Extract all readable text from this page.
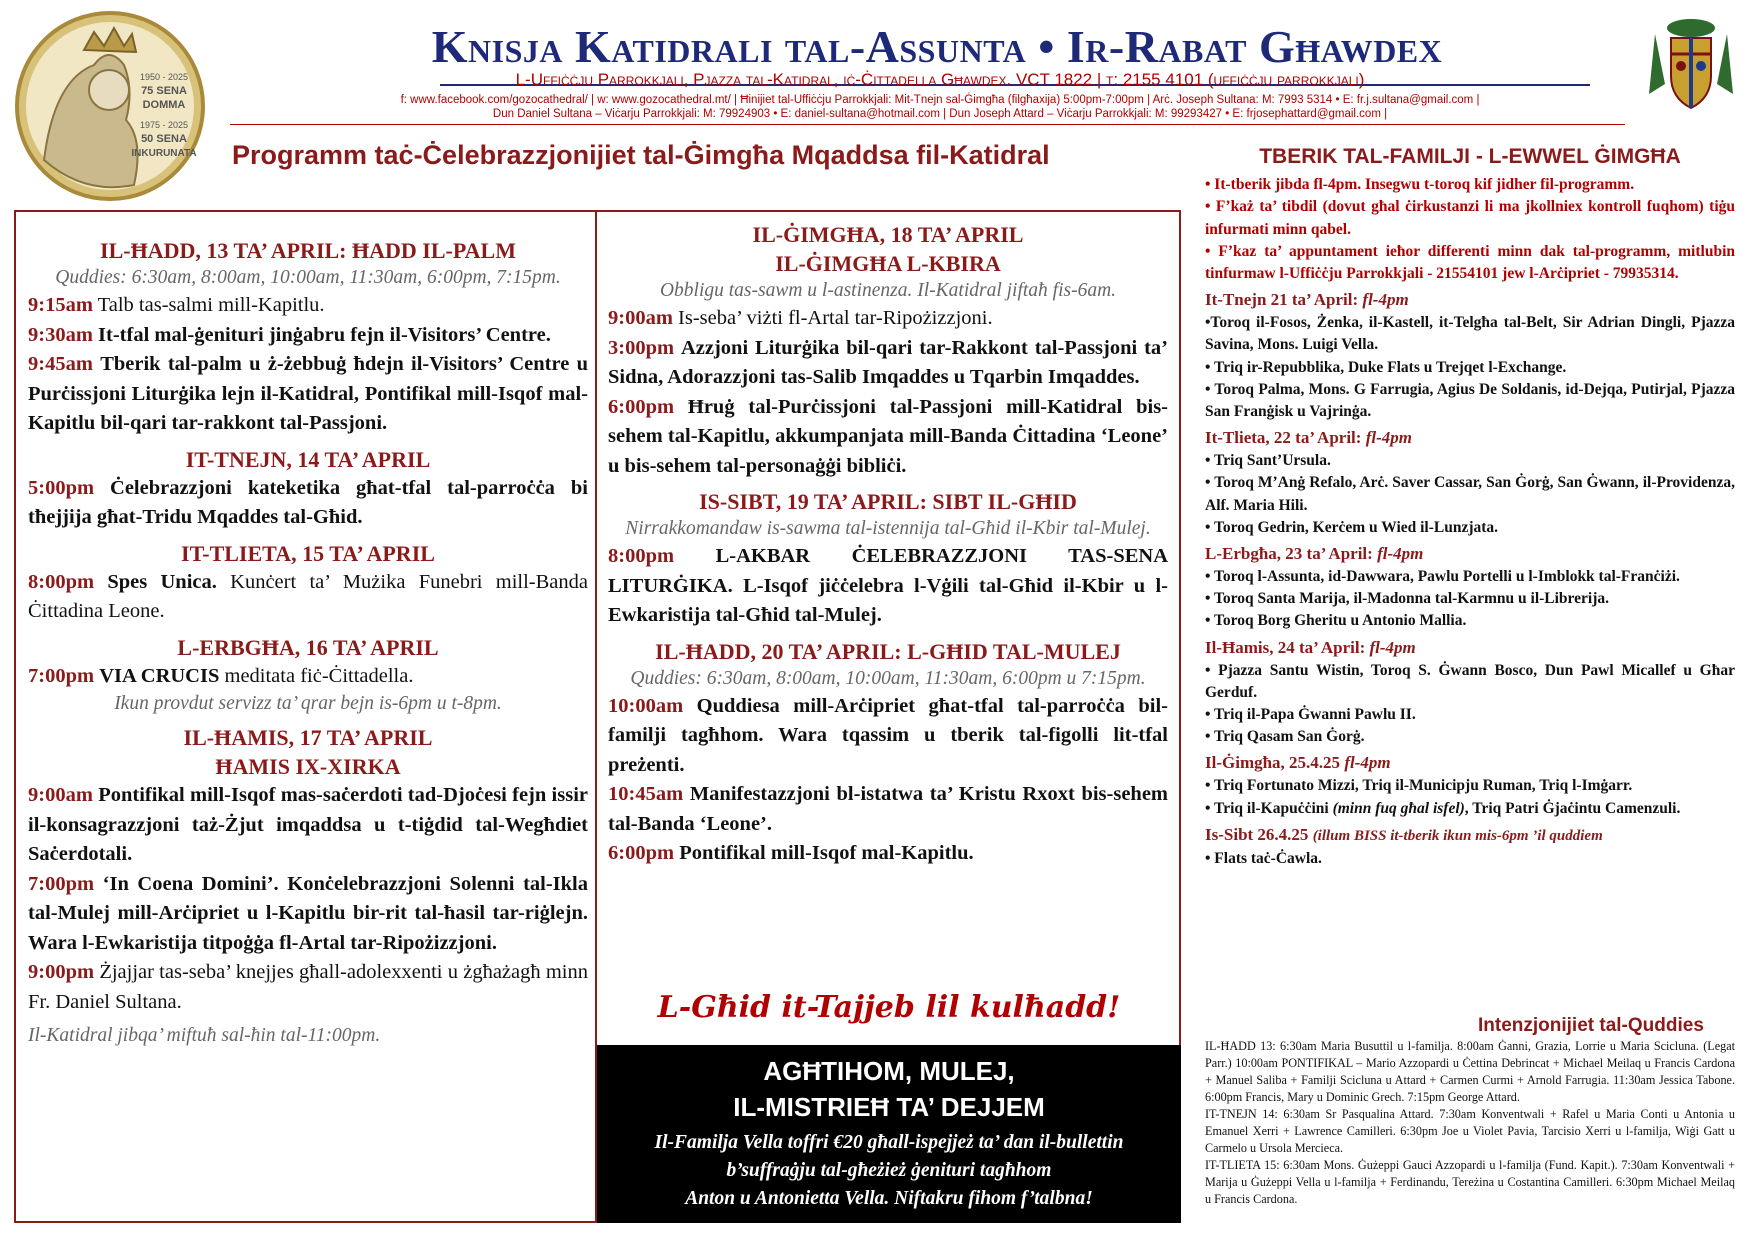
1950 - 2025
75 SENA
DOMMA
1975 - 2025
50 SENA
INKURUNATA
Knisja Katidrali tal-Assunta • Ir-Rabat Għawdex
L-Uffiċċju Parrokkjali, Pjazza tal-Katidral, iċ-Ċittadella Għawdex. VCT 1822 | t: 2155 4101 (uffiċċju parrokkjali)
f: www.facebook.com/gozocathedral/ | w: www.gozocathedral.mt/ | Ħinijiet tal-Uffiċċju Parrokkjali: Mit-Tnejn sal-Ġimgħa (filgħaxija) 5:00pm-7:00pm | Arċ. Joseph Sultana: M: 7993 5314 • E: fr.j.sultana@gmail.com |
Dun Daniel Sultana – Viċarju Parrokkjali: M: 79924903 • E: daniel-sultana@hotmail.com | Dun Joseph Attard – Viċarju Parrokkjali: M: 99293427 • E: frjosephattard@gmail.com |
Programm taċ-Ċelebrazzjonijiet tal-Ġimgħa Mqaddsa fil-Katidral
IL-ĦADD, 13 TA’ APRIL: ĦADD IL-PALM
Quddies: 6:30am, 8:00am, 10:00am, 11:30am, 6:00pm, 7:15pm.

9:15am Talb tas-salmi mill-Kapitlu.

9:30am It-tfal mal-ġenituri jinġabru fejn il-Visitors’ Centre.

9:45am Tberik tal-palm u ż-żebbuġ ħdejn il-Visitors’ Centre u Purċissjoni Liturġika lejn il-Katidral, Pontifikal mill-Isqof mal-Kapitlu bil-qari tar-rakkont tal-Passjoni.

IT-TNEJN, 14 TA’ APRIL

5:00pm Ċelebrazzjoni kateketika għat-tfal tal-parroċċa bi tħejjija għat-Tridu Mqaddes tal-Għid.

IT-TLIETA, 15 TA’ APRIL

8:00pm Spes Unica. Kunċert ta’ Mużika Funebri mill-Banda Ċittadina Leone.

L-ERBGĦA, 16 TA’ APRIL

7:00pm VIA CRUCIS meditata fiċ-Ċittadella.

Ikun provdut servizz ta’ qrar bejn is-6pm u t-8pm.
IL-ĦAMIS, 17 TA’ APRIL
ĦAMIS IX-XIRKA

9:00am Pontifikal mill-Isqof mas-saċerdoti tad-Djoċesi fejn issir il-konsagrazzjoni taż-Żjut imqaddsa u t-tiġdid tal-Wegħdiet Saċerdotali.

7:00pm ‘In Coena Domini’. Konċelebrazzjoni Solenni tal-Ikla tal-Mulej mill-Arċipriet u l-Kapitlu bir-rit tal-ħasil tar-riġlejn. Wara l-Ewkaristija titpoġġa fl-Artal tar-Ripożizzjoni.

9:00pm Żjajjar tas-seba’ knejjes għall-adolexxenti u żgħażagħ minn Fr. Daniel Sultana.

Il-Katidral jibqa’ miftuħ sal-ħin tal-11:00pm.
IL-ĠIMGĦA, 18 TA’ APRIL
IL-ĠIMGĦA L-KBIRA
Obbligu tas-sawm u l-astinenza. Il-Katidral jiftaħ fis-6am.

9:00am Is-seba’ viżti fl-Artal tar-Ripożizzjoni.

3:00pm Azzjoni Liturġika bil-qari tar-Rakkont tal-Passjoni ta’ Sidna, Adorazzjoni tas-Salib Imqaddes u Tqarbin Imqaddes.

6:00pm Ħruġ tal-Purċissjoni tal-Passjoni mill-Katidral bis-sehem tal-Kapitlu, akkumpanjata mill-Banda Ċittadina ‘Leone’ u bis-sehem tal-personaġġi bibliċi.

IS-SIBT, 19 TA’ APRIL: SIBT IL-GĦID
Nirrakkomandaw is-sawma tal-istennija tal-Għid il-Kbir tal-Mulej.

8:00pm L-AKBAR ĊELEBRAZZJONI TAS-SENA LITURĠIKA. L-Isqof jiċċelebra l-Vġili tal-Għid il-Kbir u l-Ewkaristija tal-Għid tal-Mulej.

IL-ĦADD, 20 TA’ APRIL: L-GĦID TAL-MULEJ
Quddies: 6:30am, 8:00am, 10:00am, 11:30am, 6:00pm u 7:15pm.

10:00am Quddiesa mill-Arċipriet għat-tfal tal-parroċċa bil-familji tagħhom. Wara tqassim u tberik tal-figolli lit-tfal preżenti.

10:45am Manifestazzjoni bl-istatwa ta’ Kristu Rxoxt bis-sehem tal-Banda ‘Leone’.

6:00pm Pontifikal mill-Isqof mal-Kapitlu.

L-Għid it-Tajjeb lil kulħadd!
AGĦTIHOM, MULEJ,
IL-MISTRIEĦ TA’ DEJJEM
Il-Familja Vella toffri €20 għall-ispejjeż ta’ dan il-bullettin
b’suffraġju tal-għeżież ġenituri tagħhom
Anton u Antonietta Vella. Niftakru fihom f’talbna!
TBERIK TAL-FAMILJI - L-EWWEL ĠIMGĦA

• It-tberik jibda fl-4pm. Insegwu t-toroq kif jidher fil-programm.

• F’każ ta’ tibdil (dovut għal ċirkustanzi li ma jkollniex kontroll fuqhom) tiġu infurmati minn qabel.

• F’kaz ta’ appuntament ieħor differenti minn dak tal-programm, mitlubin tinfurmaw l-Uffiċċju Parrokkjali - 21554101 jew l-Arċipriet - 79935314.

It-Tnejn 21 ta’ April: fl-4pm

•Toroq il-Fosos, Żenka, il-Kastell, it-Telgħa tal-Belt, Sir Adrian Dingli, Pjazza Savina, Mons. Luigi Vella.

• Triq ir-Repubblika, Duke Flats u Trejqet l-Exchange.

• Toroq Palma, Mons. G Farrugia, Agius De Soldanis, id-Dejqa, Putirjal, Pjazza San Franġisk u Vajrinġa.

It-Tlieta, 22 ta’ April: fl-4pm

• Triq Sant’Ursula.

• Toroq M’Anġ Refalo, Arċ. Saver Cassar, San Ġorġ, San Ġwann, il-Providenza, Alf. Maria Hili.

• Toroq Gedrin, Kerċem u Wied il-Lunzjata.

L-Erbgħa, 23 ta’ April: fl-4pm

• Toroq l-Assunta, id-Dawwara, Pawlu Portelli u l-Imblokk tal-Franċiżi.

• Toroq Santa Marija, il-Madonna tal-Karmnu u il-Librerija.

• Toroq Borg Gheritu u Antonio Mallia.

Il-Ħamis, 24 ta’ April: fl-4pm

• Pjazza Santu Wistin, Toroq S. Ġwann Bosco, Dun Pawl Micallef u Għar Gerduf.

• Triq il-Papa Ġwanni Pawlu II.

• Triq Qasam San Ġorġ.

Il-Ġimgħa, 25.4.25 fl-4pm

• Triq Fortunato Mizzi, Triq il-Municipju Ruman, Triq l-Imġarr.

• Triq il-Kapuċċini (minn fuq għal isfel), Triq Patri Ġjaċintu Camenzuli.

Is-Sibt 26.4.25 (illum BISS it-tberik ikun mis-6pm ’il quddiem

• Flats taċ-Ċawla.

Intenzjonijiet tal-Quddies

IL-ĦADD 13: 6:30am Maria Busuttil u l-familja. 8:00am Ġanni, Grazia, Lorrie u Maria Scicluna. (Legat Parr.) 10:00am PONTIFIKAL – Mario Azzopardi u Ċettina Debrincat + Michael Meilaq u Francis Cardona + Manuel Saliba + Familji Scicluna u Attard + Carmen Curmi + Arnold Farrugia. 11:30am Jessica Tabone. 6:00pm Francis, Mary u Dominic Grech. 7:15pm George Attard.

IT-TNEJN 14: 6:30am Sr Pasqualina Attard. 7:30am Konventwali + Rafel u Maria Conti u Antonia u Emanuel Xerri + Lawrence Camilleri. 6:30pm Joe u Violet Pavia, Tarcisio Xerri u l-familja, Wiġi Gatt u Carmelo u Ursola Mercieca.

IT-TLIETA 15: 6:30am Mons. Ġużeppi Gauci Azzopardi u l-familja (Fund. Kapit.). 7:30am Konventwali + Marija u Ġużeppi Vella u l-familja + Ferdinandu, Tereżina u Costantina Camilleri. 6:30pm Michael Meilaq u Francis Cardona.
